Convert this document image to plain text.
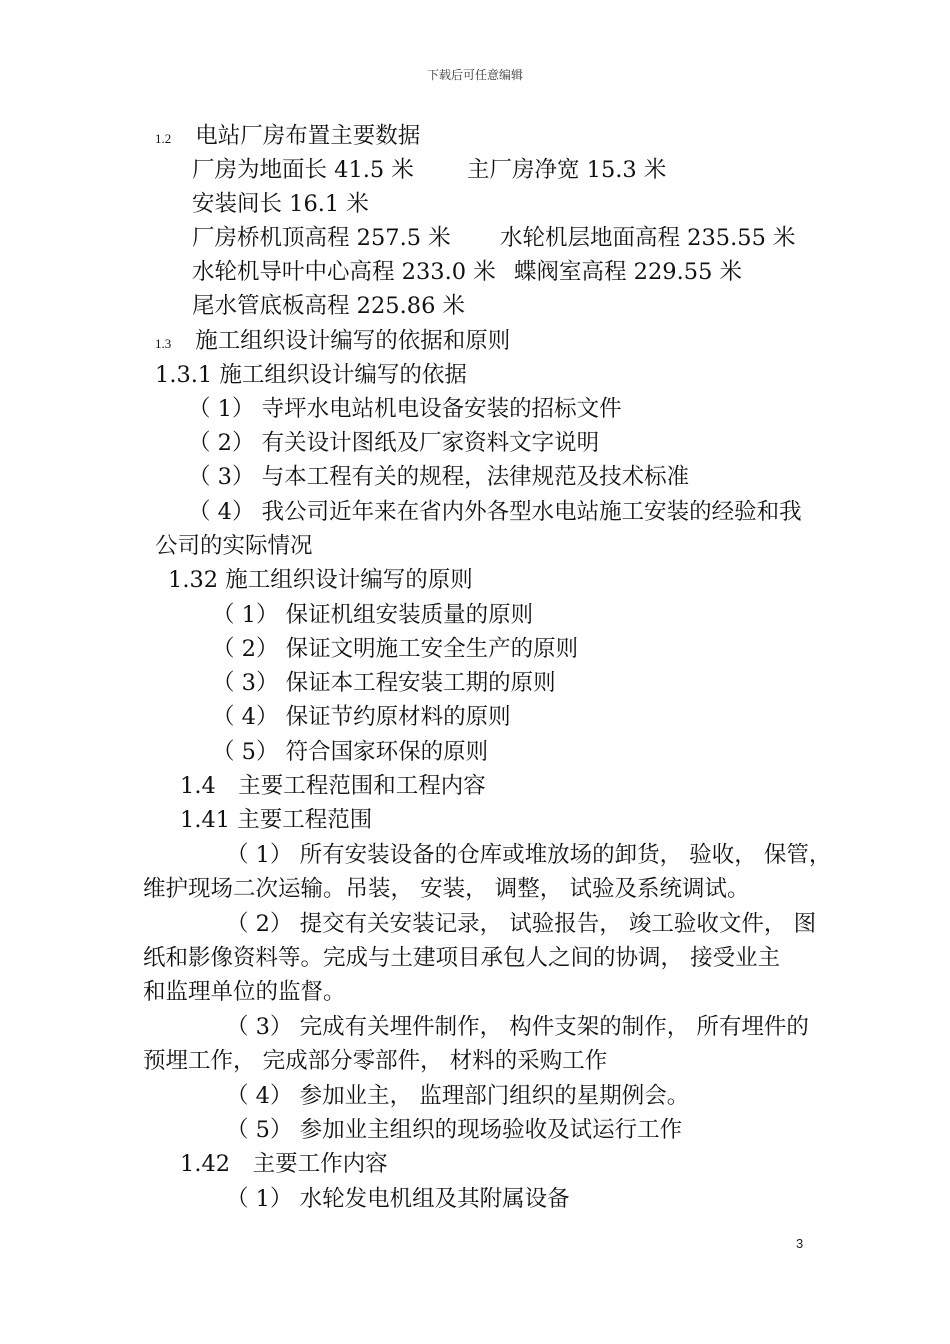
下载后可任意编辑
1.2 电站厂房布置主要数据
厂房为地面长 41.5 米 主厂房净宽 15.3 米
安装间长 16.1 米
厂房桥机顶高程 257.5 米 水轮机层地面高程 235.55 米
水轮机导叶中心高程 233.0 米 蝶阀室高程 229.55 米
尾水管底板高程 225.86 米
1.3 施工组织设计编写的依据和原则
1.3.1 施工组织设计编写的依据
（ 1） 寺坪水电站机电设备安装的招标文件
（ 2） 有关设计图纸及厂家资料文字说明
（ 3） 与本工程有关的规程，法律规范及技术标准
（ 4） 我公司近年来在省内外各型水电站施工安装的经验和我
公司的实际情况
1.32 施工组织设计编写的原则
（ 1） 保证机组安装质量的原则
（ 2） 保证文明施工安全生产的原则
（ 3） 保证本工程安装工期的原则
（ 4） 保证节约原材料的原则
（ 5） 符合国家环保的原则
1.4　主要工程范围和工程内容
1.41 主要工程范围
（ 1） 所有安装设备的仓库或堆放场的卸货， 验收， 保管，
维护现场二次运输。吊装， 安装， 调整， 试验及系统调试。
（ 2） 提交有关安装记录， 试验报告， 竣工验收文件， 图
纸和影像资料等。完成与土建项目承包人之间的协调， 接受业主
和监理单位的监督。
（ 3） 完成有关埋件制作， 构件支架的制作， 所有埋件的
预埋工作， 完成部分零部件， 材料的采购工作
（ 4） 参加业主， 监理部门组织的星期例会。
（ 5） 参加业主组织的现场验收及试运行工作
1.42　主要工作内容
（ 1） 水轮发电机组及其附属设备
3
